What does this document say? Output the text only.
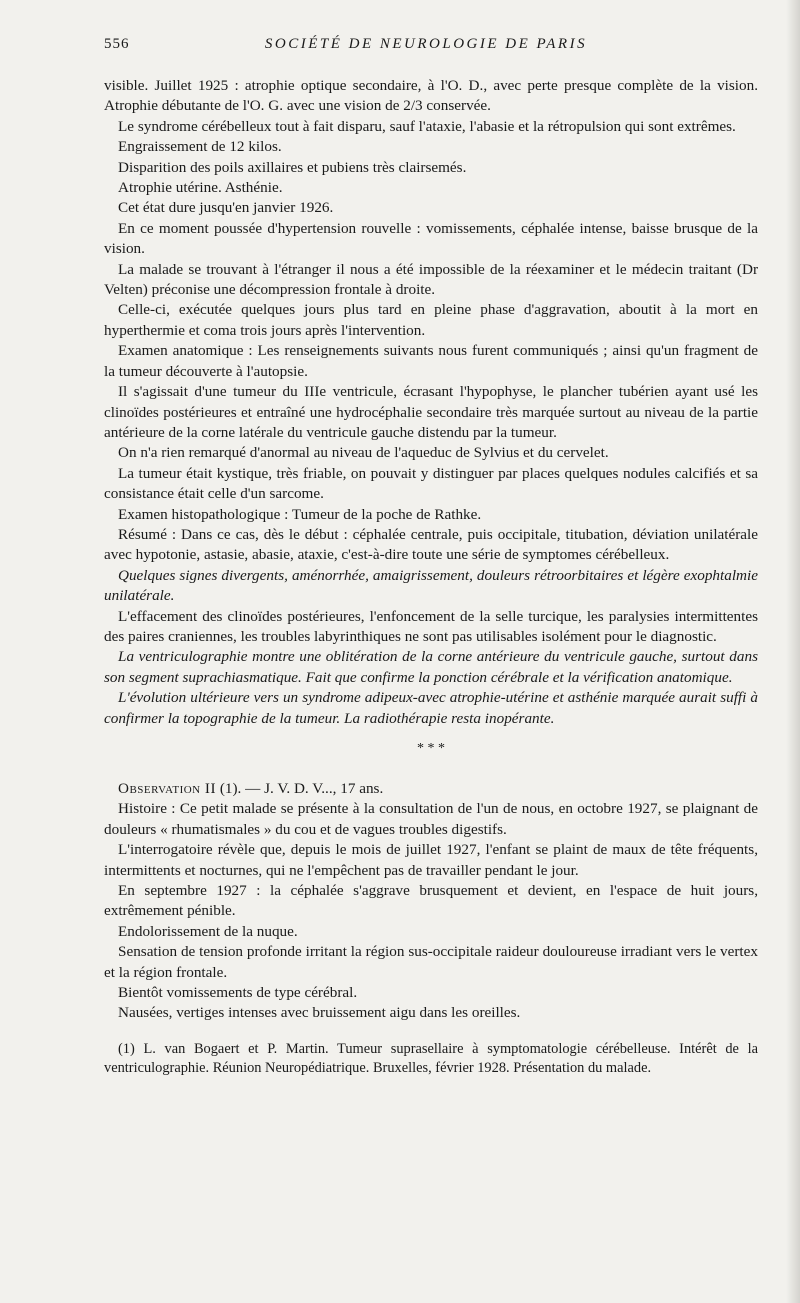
556	SOCIÉTÉ DE NEUROLOGIE DE PARIS

visible. Juillet 1925 : atrophie optique secondaire, à l'O. D., avec perte presque complète de la vision. Atrophie débutante de l'O. G. avec une vision de 2/3 conservée.

Le syndrome cérébelleux tout à fait disparu, sauf l'ataxie, l'abasie et la rétropulsion qui sont extrêmes.

Engraissement de 12 kilos.

Disparition des poils axillaires et pubiens très clairsemés.

Atrophie utérine. Asthénie.

Cet état dure jusqu'en janvier 1926.

En ce moment poussée d'hypertension rouvelle : vomissements, céphalée intense, baisse brusque de la vision.

La malade se trouvant à l'étranger il nous a été impossible de la réexaminer et le médecin traitant (Dr Velten) préconise une décompression frontale à droite.

Celle-ci, exécutée quelques jours plus tard en pleine phase d'aggravation, aboutit à la mort en hyperthermie et coma trois jours après l'intervention.

Examen anatomique : Les renseignements suivants nous furent communiqués ; ainsi qu'un fragment de la tumeur découverte à l'autopsie.

Il s'agissait d'une tumeur du IIIe ventricule, écrasant l'hypophyse, le plancher tubérien ayant usé les clinoïdes postérieures et entraîné une hydrocéphalie secondaire très marquée surtout au niveau de la partie antérieure de la corne latérale du ventricule gauche distendu par la tumeur.

On n'a rien remarqué d'anormal au niveau de l'aqueduc de Sylvius et du cervelet.

La tumeur était kystique, très friable, on pouvait y distinguer par places quelques nodules calcifiés et sa consistance était celle d'un sarcome.

Examen histopathologique : Tumeur de la poche de Rathke.

Résumé : Dans ce cas, dès le début : céphalée centrale, puis occipitale, titubation, déviation unilatérale avec hypotonie, astasie, abasie, ataxie, c'est-à-dire toute une série de symptomes cérébelleux.

Quelques signes divergents, aménorrhée, amaigrissement, douleurs rétroorbitaires et légère exophtalmie unilatérale.

L'effacement des clinoïdes postérieures, l'enfoncement de la selle turcique, les paralysies intermittentes des paires craniennes, les troubles labyrinthiques ne sont pas utilisables isolément pour le diagnostic.

La ventriculographie montre une oblitération de la corne antérieure du ventricule gauche, surtout dans son segment suprachiasmatique. Fait que confirme la ponction cérébrale et la vérification anatomique.

L'évolution ultérieure vers un syndrome adipeux-avec atrophie-utérine et asthénie marquée aurait suffi à confirmer la topographie de la tumeur. La radiothérapie resta inopérante.

* * *

Observation II (1). — J. V. D. V..., 17 ans.

Histoire : Ce petit malade se présente à la consultation de l'un de nous, en octobre 1927, se plaignant de douleurs « rhumatismales » du cou et de vagues troubles digestifs.

L'interrogatoire révèle que, depuis le mois de juillet 1927, l'enfant se plaint de maux de tête fréquents, intermittents et nocturnes, qui ne l'empêchent pas de travailler pendant le jour.

En septembre 1927 : la céphalée s'aggrave brusquement et devient, en l'espace de huit jours, extrêmement pénible.

Endolorissement de la nuque.

Sensation de tension profonde irritant la région sus-occipitale raideur douloureuse irradiant vers le vertex et la région frontale.

Bientôt vomissements de type cérébral.

Nausées, vertiges intenses avec bruissement aigu dans les oreilles.

(1) L. van Bogaert et P. Martin. Tumeur suprasellaire à symptomatologie cérébelleuse. Intérêt de la ventriculographie. Réunion Neuropédiatrique. Bruxelles, février 1928. Présentation du malade.
